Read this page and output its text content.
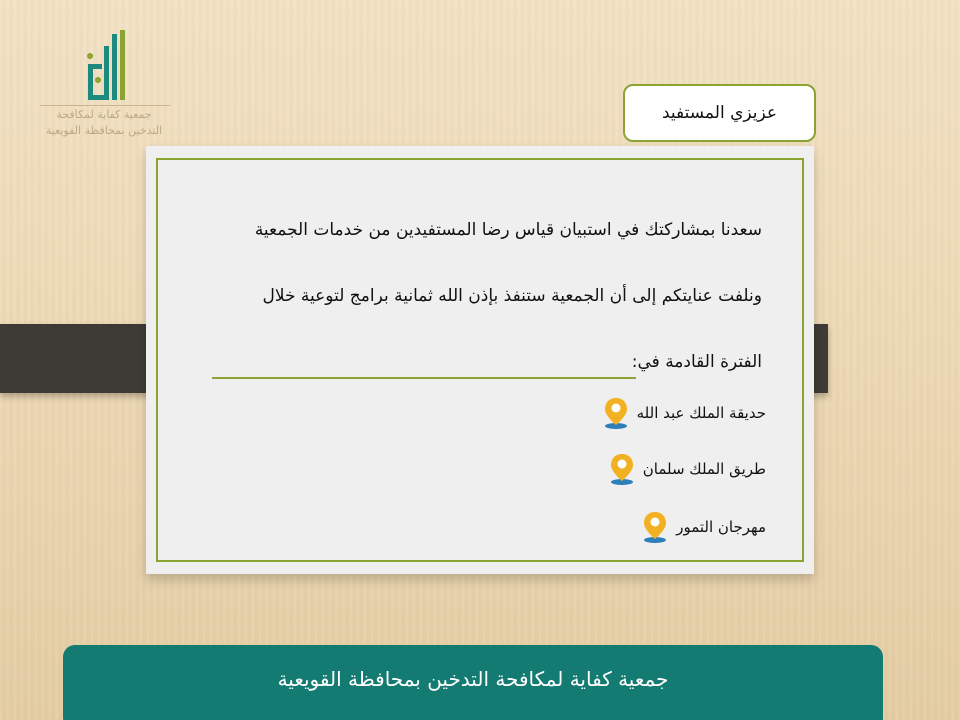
جمعية كفاية لمكافحة
التدخين بمحافظة القويعية
عزيزي المستفيد
سعدنا بمشاركتك في استبيان قياس رضا المستفيدين من خدمات الجمعية
ونلفت عنايتكم إلى أن الجمعية ستنفذ بإذن الله ثمانية برامج لتوعية خلال
الفترة القادمة في:
حديقة الملك عبد الله
طريق الملك سلمان
مهرجان التمور
جمعية كفاية لمكافحة التدخين بمحافظة القويعية
